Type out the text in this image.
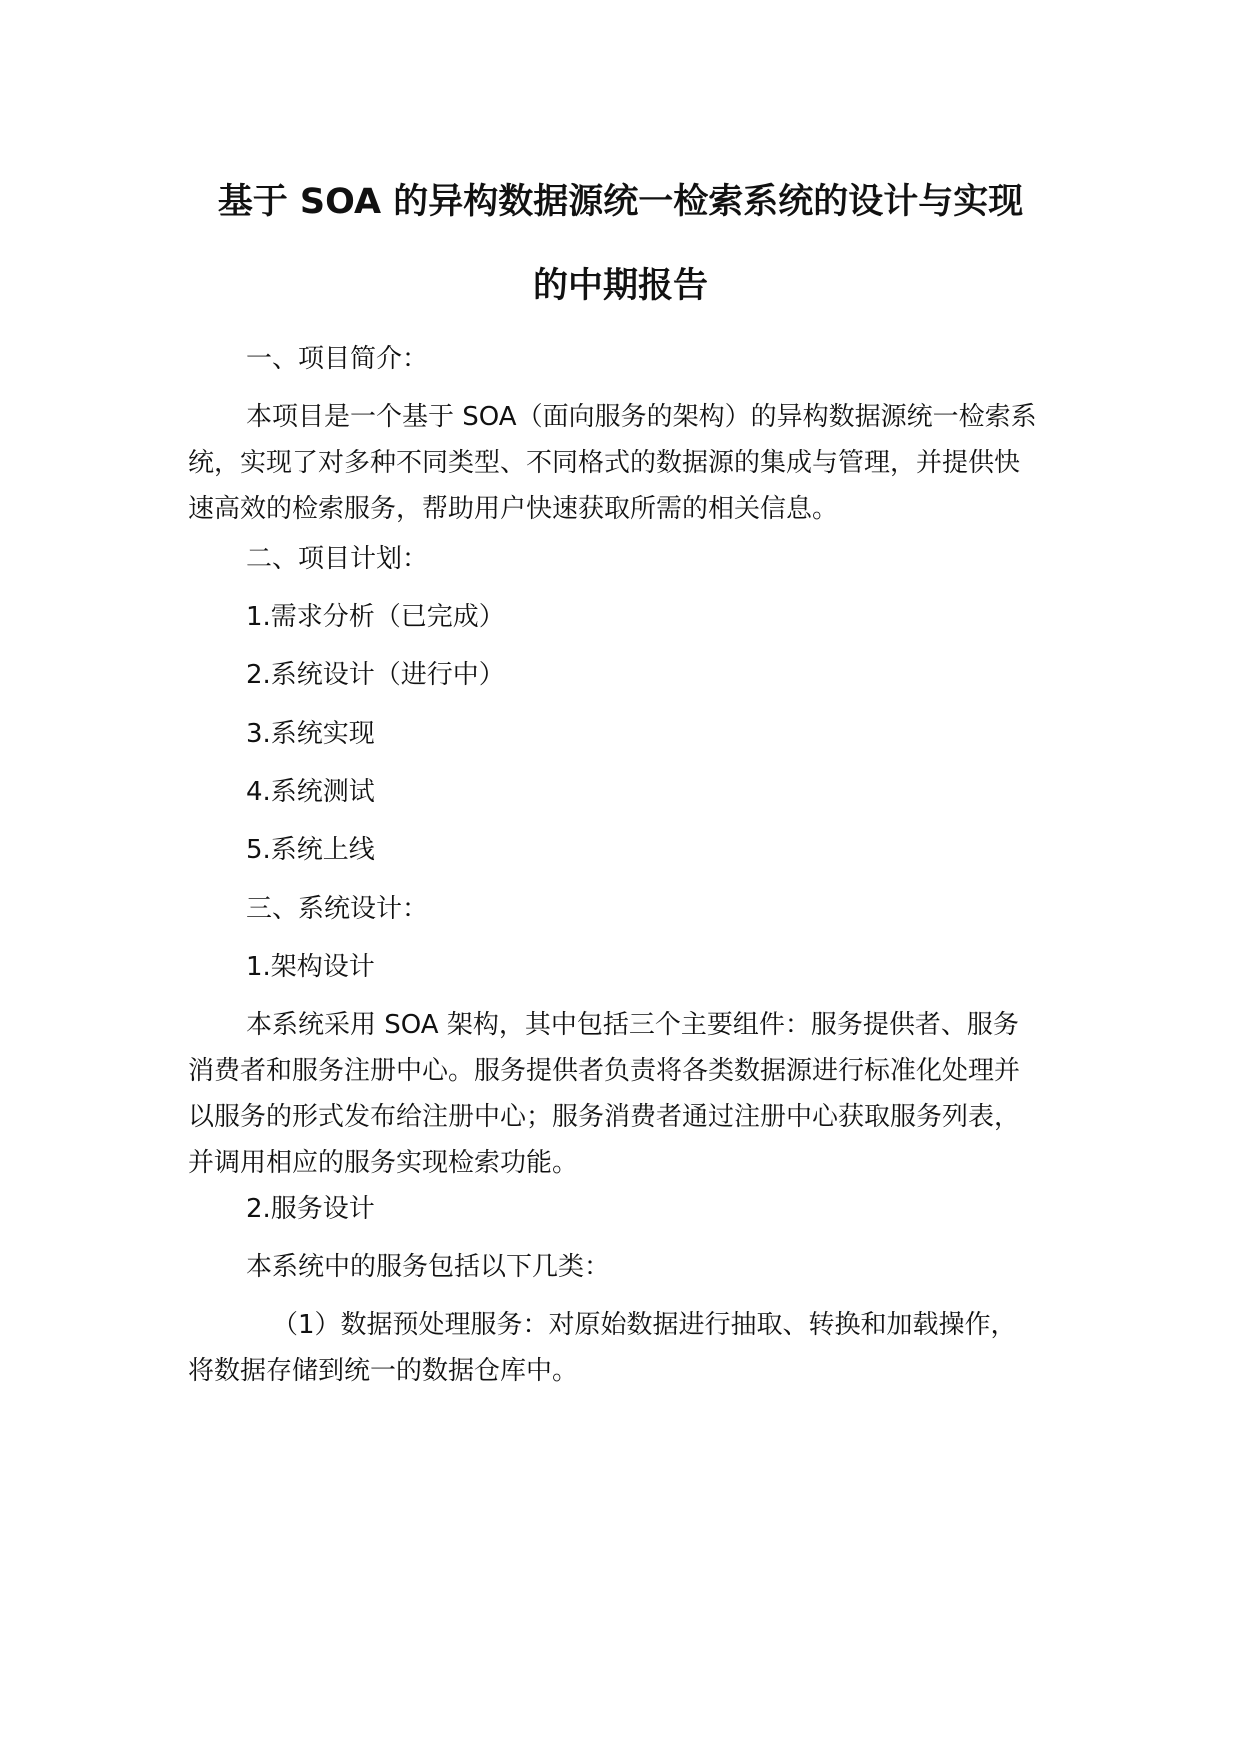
基于 SOA 的异构数据源统一检索系统的设计与实现
的中期报告

一、项目简介：

本项目是一个基于 SOA（面向服务的架构）的异构数据源统一检索系统，实现了对多种不同类型、不同格式的数据源的集成与管理，并提供快速高效的检索服务，帮助用户快速获取所需的相关信息。

二、项目计划：

1.需求分析（已完成）

2.系统设计（进行中）

3.系统实现

4.系统测试

5.系统上线

三、系统设计：

1.架构设计

本系统采用 SOA 架构，其中包括三个主要组件：服务提供者、服务消费者和服务注册中心。服务提供者负责将各类数据源进行标准化处理并以服务的形式发布给注册中心；服务消费者通过注册中心获取服务列表，并调用相应的服务实现检索功能。

2.服务设计

本系统中的服务包括以下几类：

（1）数据预处理服务：对原始数据进行抽取、转换和加载操作，将数据存储到统一的数据仓库中。
